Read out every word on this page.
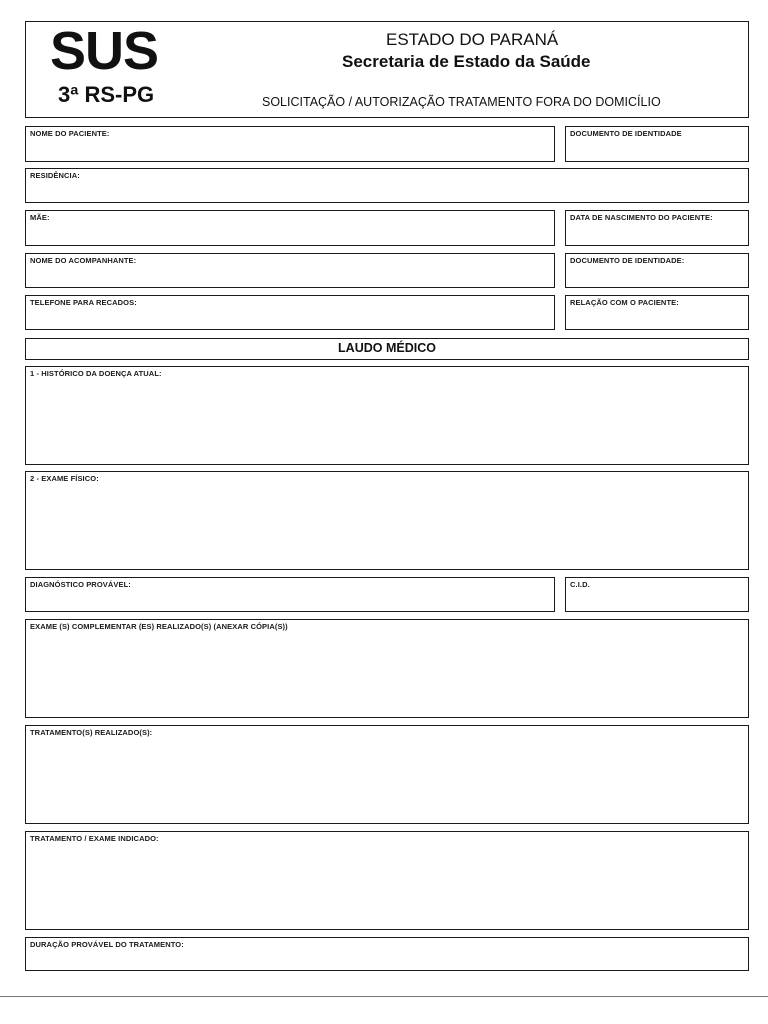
SUS
3ª RS-PG
ESTADO DO PARANÁ
Secretaria de Estado da Saúde
SOLICITAÇÃO / AUTORIZAÇÃO TRATAMENTO FORA DO DOMICÍLIO
NOME DO PACIENTE:	DOCUMENTO DE IDENTIDADE
RESIDÊNCIA:
MÃE:	DATA DE NASCIMENTO DO PACIENTE:
NOME DO ACOMPANHANTE:	DOCUMENTO DE IDENTIDADE:
TELEFONE PARA RECADOS:	RELAÇÃO COM O PACIENTE:
LAUDO MÉDICO
1 - HISTÓRICO DA DOENÇA ATUAL:
2 - EXAME FÍSICO:
DIAGNÓSTICO PROVÁVEL:	C.I.D.
EXAME (S) COMPLEMENTAR (ES) REALIZADO(S) (ANEXAR CÓPIA(S))
TRATAMENTO(S) REALIZADO(S):
TRATAMENTO / EXAME INDICADO:
DURAÇÃO PROVÁVEL DO TRATAMENTO:
